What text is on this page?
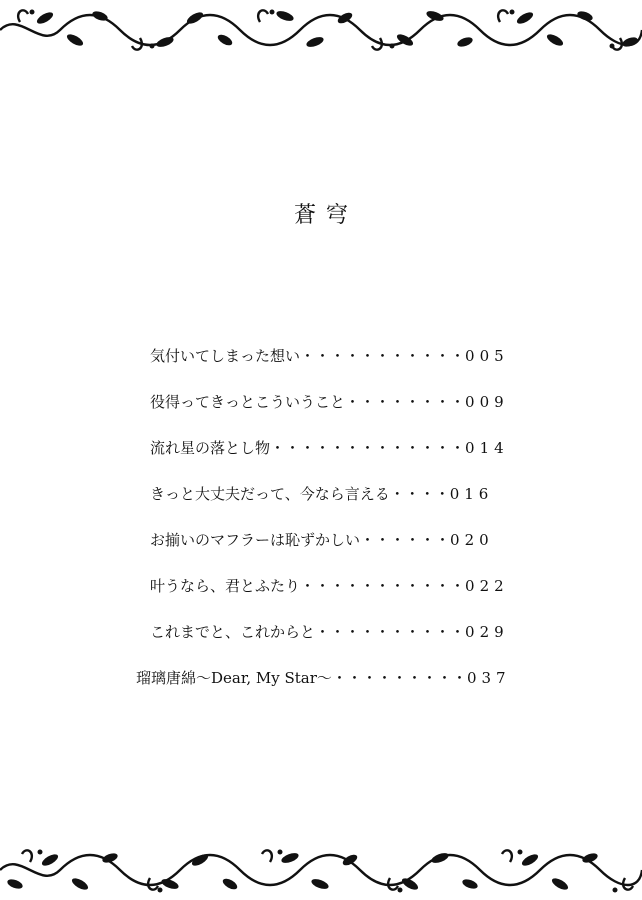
蒼穹
気付いてしまった想い・・・・・・・・・・・005
役得ってきっとこういうこと・・・・・・・・009
流れ星の落とし物・・・・・・・・・・・・・014
きっと大丈夫だって、今なら言える・・・・016
お揃いのマフラーは恥ずかしい・・・・・・020
叶うなら、君とふたり・・・・・・・・・・・022
これまでと、これからと・・・・・・・・・・029
瑠璃唐綿〜Dear, My Star〜・・・・・・・・・037
